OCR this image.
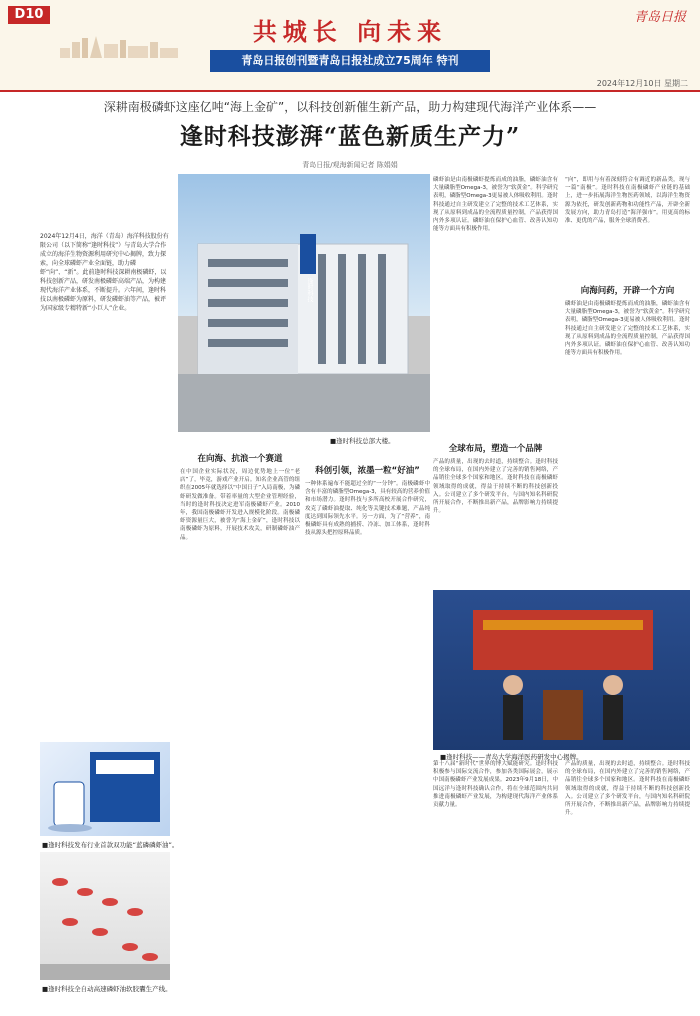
D10
共城长 向未来
青岛日报创刊暨青岛日报社成立75周年 特刊
青岛日报
2024年12月10日 星期二
深耕南极磷虾这座亿吨“海上金矿”，以科技创新催生新产品，助力构建现代海洋产业体系——
逢时科技澎湃“蓝色新质生产力”
青岛日报/观海新闻记者 陈娟娟
2024年12月4日，海洋（青岛）海洋科技股份有限公司（以下简称“逢时科技”）与青岛大学合作成立的海洋生物资源利用研究中心揭牌，致力探索，向全球磷虾产业全面链，助力磷虾“向”、“新”。此前逢时科技深耕南极磷虾，以科技创新产品，研发南极磷虾高端产品，为构建现代海洋产业体系，不断提升。六年间，逢时科技以南极磷虾为原料，研发磷虾油等产品，被评为国家级专精特新“小巨人”企业。
逢时科技
■逢时科技总部大楼。
在向海、抗浪一个赛道
科创引领，浓墨一粒“好油”
全球布局，塑造一个品牌
向海问药，开辟一个方向
在中国企业实际状况，周边优势地上一位“老店”了，毕竟，游戏产业开启。知名企业高管的组织在2005年就选择以“中国日子”入局南极，为磷虾研发做准备。带着率量的大型企业管理经验，当时的逢时科技决定进军南极磷虾产业。2010年，我国南极磷虾开发进入规模化阶段。南极磷虾资源量巨大，被誉为“海上金矿”，逢时科技以南极磷虾为原料，开展技术攻关，研制磷虾油产品。
一种体系遍布不能超过全的“一分钟”。南极磷虾中含有丰富的磷脂型Omega-3，具有较高的营养价值和市场潜力。逢时科技与多所高校开展合作研究，攻克了磷虾油提取、纯化等关键技术难题，产品纯度达到国际领先水平。另一方面，为了“营养”，南极磷虾具有成熟的捕捞、冷冻、加工体系，逢时科技从源头把控原料品质。
磷虾油是由南极磷虾提炼而成的油脂，磷虾油含有大量磷脂型Omega-3，被誉为“软黄金”。科学研究表明，磷脂型Omega-3更易被人体吸收利用。逢时科技通过自主研发建立了完整的技术工艺体系，实现了从原料到成品的全流程质量控制，产品获得国内外多项认证。磷虾油在保护心血管、改善认知功能等方面具有积极作用。
产品的质量，出现的去时道，持续整合。逢时科技的全球布局，在国内外建立了完善的销售网络，产品销往全球多个国家和地区。逢时科技在南极磷虾领域取得的成就，得益于持续不断的科技创新投入。公司建立了多个研发平台，与国内知名科研院所开展合作，不断推出新产品，品牌影响力持续提升。
第十八届“新时代”世界的博大赋能研究。逢时科技积极参与国际交流合作，参加各类国际展会，展示中国南极磷虾产业发展成果。2023年9月18日，中国远洋与逢时科技确认合作，将在全球范围内共同推进南极磷虾产业发展，为构建现代海洋产业体系贡献力量。
“向”，即用与有着深刻符合有调近的新品类，现与一篇“南极”。逢时科技在南极磷虾产业链的基础上，进一步拓展海洋生物医药领域，以海洋生物资源为依托，研发创新药物和功能性产品，开辟全新发展方向，助力青岛打造“海洋强市”。用更高的标准、更优的产品，服务全球消费者。
磷虾油是由南极磷虾提炼而成的油脂，磷虾油含有大量磷脂型Omega-3，被誉为“软黄金”。科学研究表明，磷脂型Omega-3更易被人体吸收利用。逢时科技通过自主研发建立了完整的技术工艺体系，实现了从原料到成品的全流程质量控制，产品获得国内外多项认证。磷虾油在保护心血管、改善认知功能等方面具有积极作用。
产品的质量，出现的去时道，持续整合。逢时科技的全球布局，在国内外建立了完善的销售网络，产品销往全球多个国家和地区。逢时科技在南极磷虾领域取得的成就，得益于持续不断的科技创新投入。公司建立了多个研发平台，与国内知名科研院所开展合作，不断推出新产品，品牌影响力持续提升。
■逢时科技——青岛大学海洋医药研发中心揭牌。
■逢时科技发布行业首款双功能“蓝磷磷虾油”。
■逢时科技全自动高速磷虾油软胶囊生产线。
